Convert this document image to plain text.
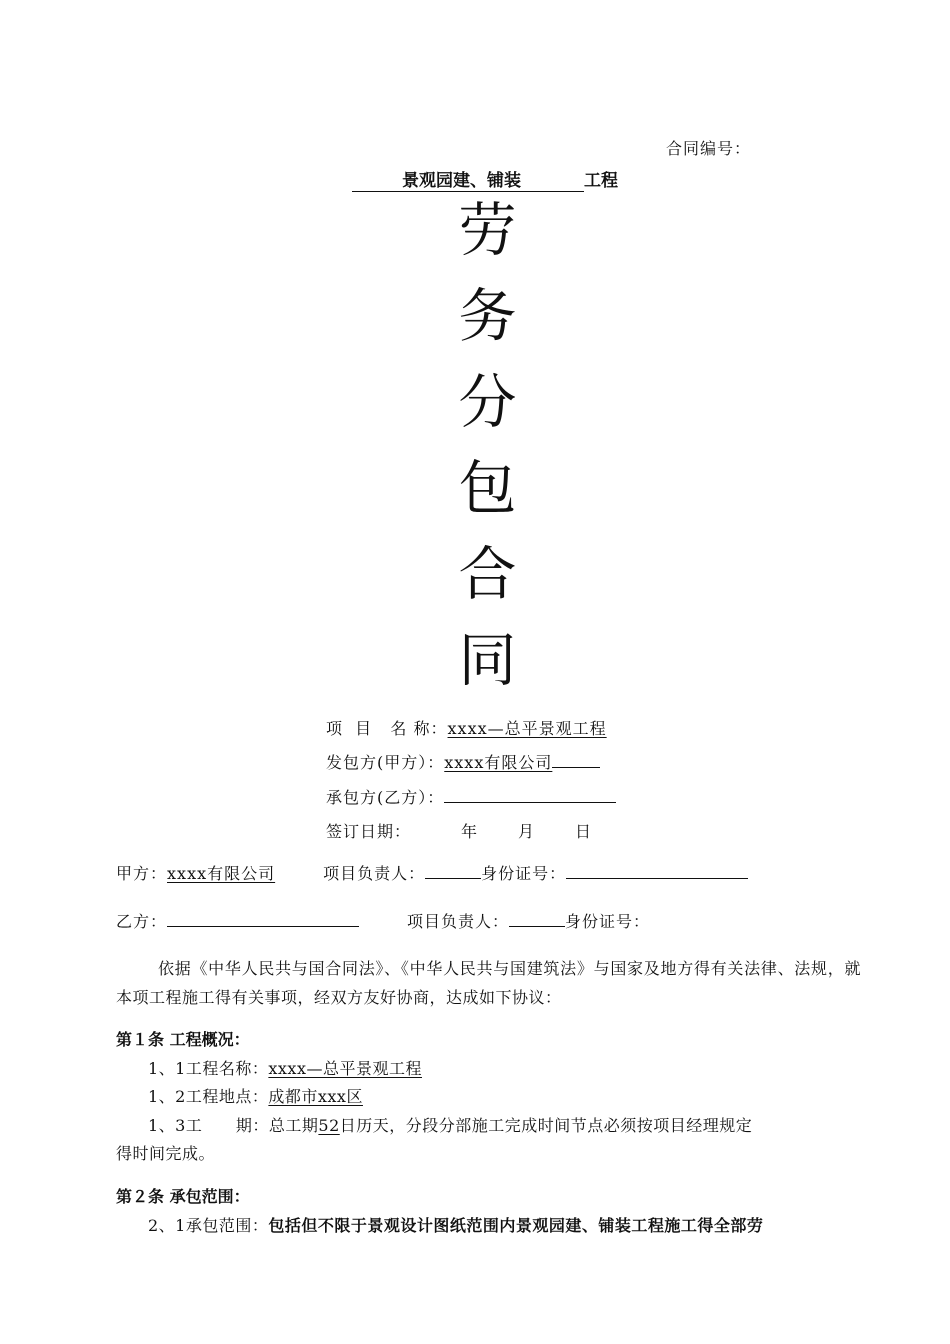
合同编号：
景观园建、铺装	工程
劳
务
分
包
合
同
项  目   名 称：xxxx—总平景观工程
发包方(甲方）：xxxx有限公司
承包方(乙方）：
签订日期：	年	月	日
甲方：xxxx有限公司	项目负责人：	身份证号：
乙方：	项目负责人：	身份证号：
依据《中华人民共与国合同法》、《中华人民共与国建筑法》与国家及地方得有关法律、法规，就本项工程施工得有关事项，经双方友好协商，达成如下协议：
第１条 工程概况：
1、1工程名称：xxxx—总平景观工程
1、2工程地点：成都市xxx区
1、3工      期：总工期52日历天，分段分部施工完成时间节点必须按项目经理规定
得时间完成。
第２条 承包范围：
2、1承包范围：包括但不限于景观设计图纸范围内景观园建、铺装工程施工得全部劳
